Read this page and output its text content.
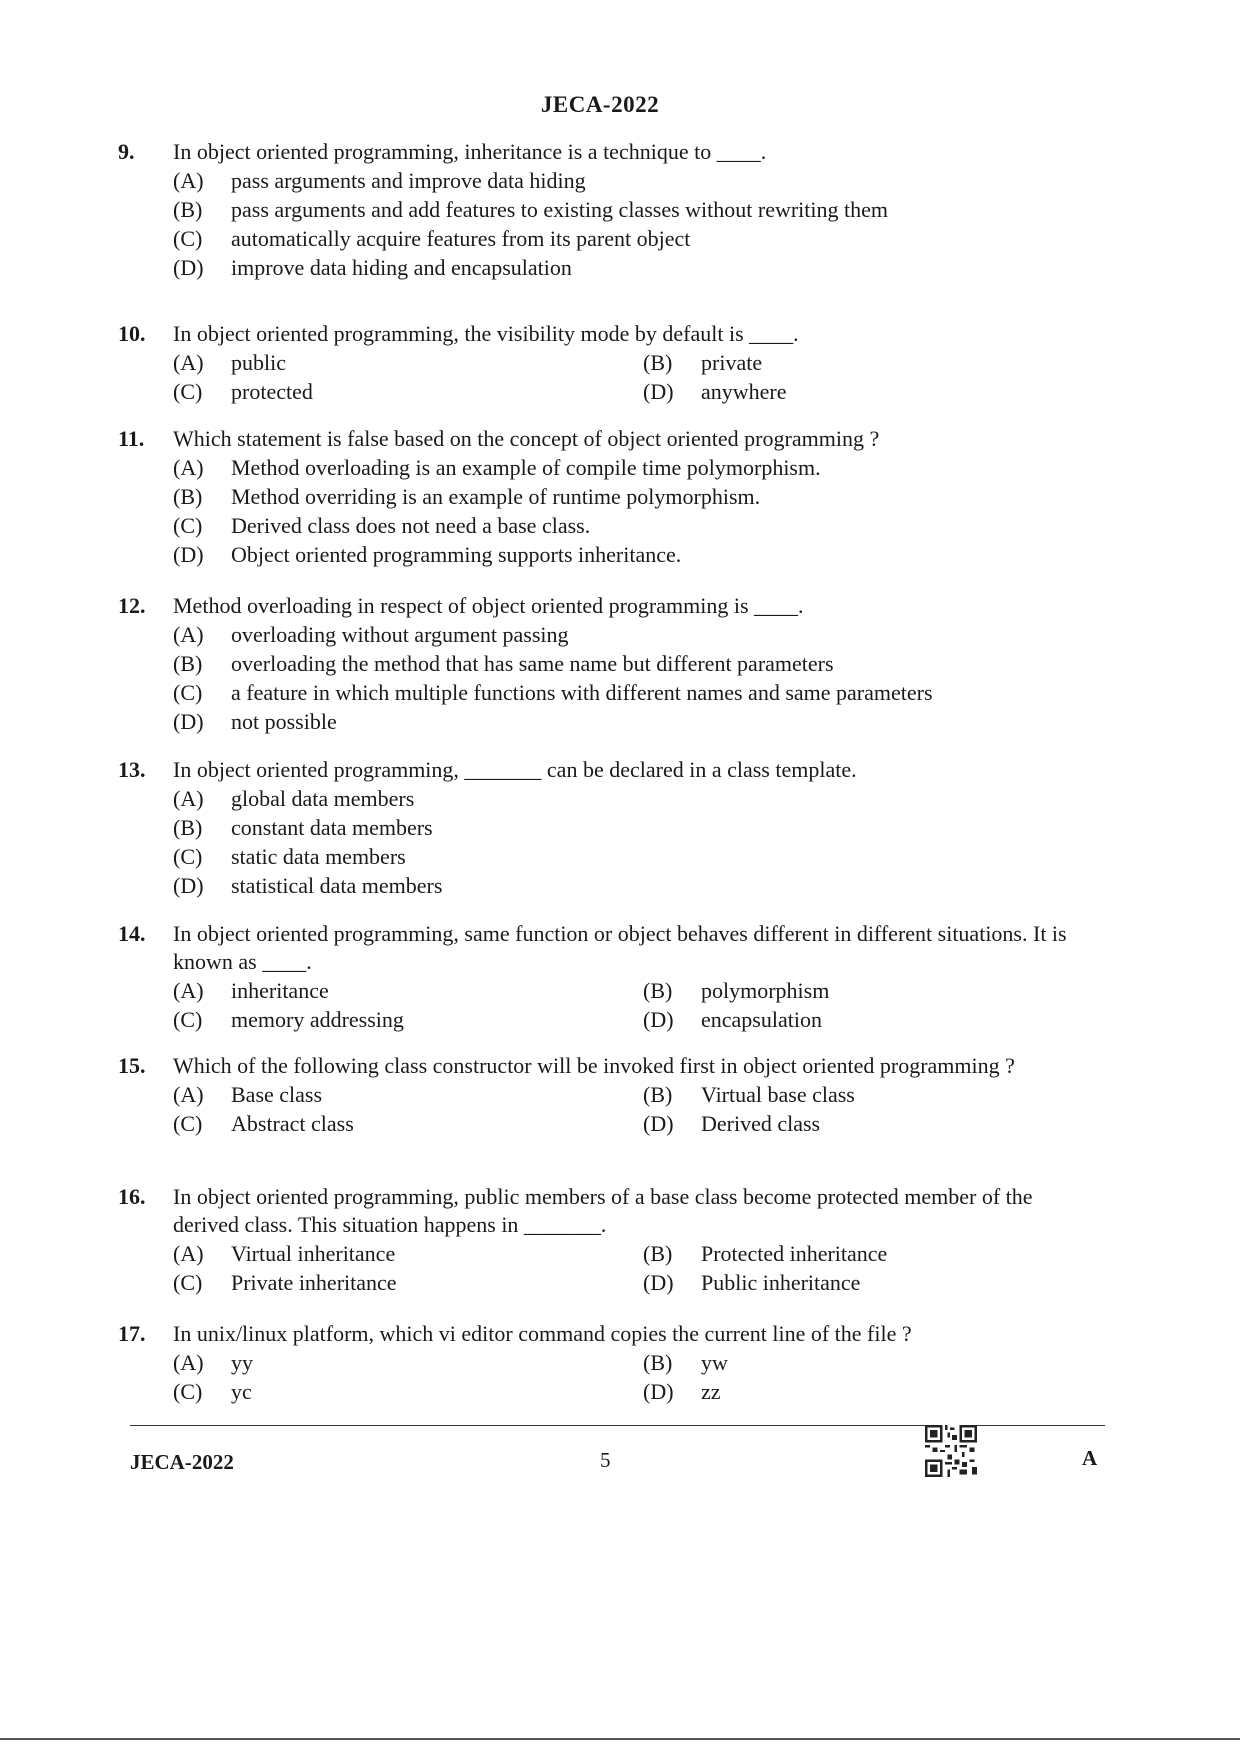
JECA-2022
9. In object oriented programming, inheritance is a technique to ____.
(A)	pass arguments and improve data hiding
(B)	pass arguments and add features to existing classes without rewriting them
(C)	automatically acquire features from its parent object
(D)	improve data hiding and encapsulation
10. In object oriented programming, the visibility mode by default is ____.
(A)	public	(B)	private
(C)	protected	(D)	anywhere
11. Which statement is false based on the concept of object oriented programming ?
(A)	Method overloading is an example of compile time polymorphism.
(B)	Method overriding is an example of runtime polymorphism.
(C)	Derived class does not need a base class.
(D)	Object oriented programming supports inheritance.
12. Method overloading in respect of object oriented programming is ____.
(A)	overloading without argument passing
(B)	overloading the method that has same name but different parameters
(C)	a feature in which multiple functions with different names and same parameters
(D)	not possible
13. In object oriented programming, _______ can be declared in a class template.
(A)	global data members
(B)	constant data members
(C)	static data members
(D)	statistical data members
14. In object oriented programming, same function or object behaves different in different situations. It is known as ____.
(A)	inheritance	(B)	polymorphism
(C)	memory addressing	(D)	encapsulation
15. Which of the following class constructor will be invoked first in object oriented programming ?
(A)	Base class	(B)	Virtual base class
(C)	Abstract class	(D)	Derived class
16. In object oriented programming, public members of a base class become protected member of the derived class. This situation happens in _______.
(A)	Virtual inheritance	(B)	Protected inheritance
(C)	Private inheritance	(D)	Public inheritance
17. In unix/linux platform, which vi editor command copies the current line of the file ?
(A)	yy	(B)	yw
(C)	yc	(D)	zz
JECA-2022	5	A
